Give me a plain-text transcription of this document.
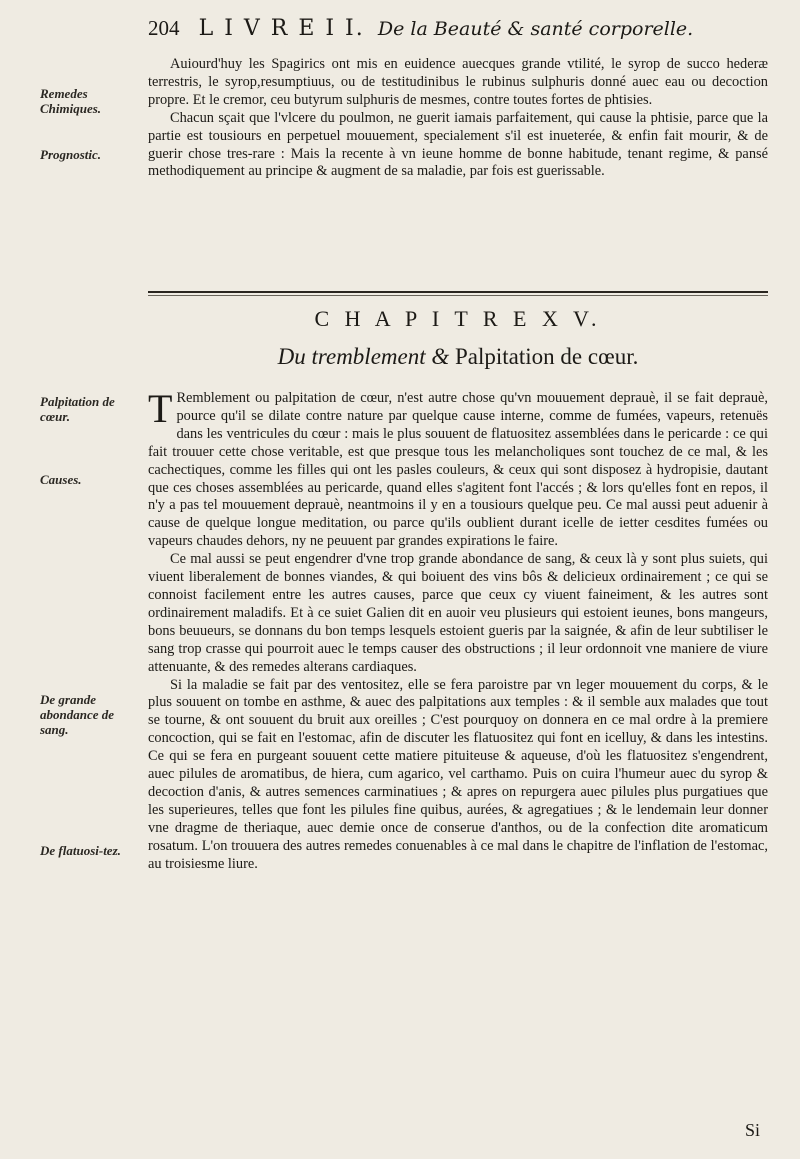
204 L I V R E I I. De la Beauté & santé corporelle.
Remedes Chimiques.
Prognostic.
Palpitation de cœur.
Causes.
De grande abondance de sang.
De flatuosi-tez.

Auiourd'huy les Spagirics ont mis en euidence auecques grande vtilité, le syrop de succo hederæ terrestris, le syrop,resumptiuus, ou de testitudinibus le rubinus sulphuris donné auec eau ou decoction propre. Et le cremor, ceu butyrum sulphuris de mesmes, contre toutes fortes de phtisies.

Chacun sçait que l'vlcere du poulmon, ne guerit iamais parfaitement, qui cause la phtisie, parce que la partie est tousiours en perpetuel mouuement, specialement s'il est inueterée, & enfin fait mourir, & de guerir chose tres-rare : Mais la recente à vn ieune homme de bonne habitude, tenant regime, & pansé methodiquement au principe & augment de sa maladie, par fois est guerissable.

C H A P I T R E X V.
Du tremblement & Palpitation de cœur.

T Remblement ou palpitation de cœur, n'est autre chose qu'vn mouuement deprauè, il se fait deprauè, pource qu'il se dilate contre nature par quelque cause interne, comme de fumées, vapeurs, retenuës dans les ventricules du cœur : mais le plus souuent de flatuositez assemblées dans le pericarde : ce qui fait trouuer cette chose veritable, est que presque tous les melancholiques sont touchez de ce mal, & les cachectiques, comme les filles qui ont les pasles couleurs, & ceux qui sont disposez à hydropisie, dautant que ces choses assemblées au pericarde, quand elles s'agitent font l'accés ; & lors qu'elles font en repos, il n'y a pas tel mouuement deprauè, neantmoins il y en a tousiours quelque peu. Ce mal aussi peut aduenir à cause de quelque longue meditation, ou parce qu'ils oublient durant icelle de ietter cesdites fumées ou vapeurs chaudes dehors, ny ne peuuent par grandes expirations le faire.

Ce mal aussi se peut engendrer d'vne trop grande abondance de sang, & ceux là y sont plus suiets, qui viuent liberalement de bonnes viandes, & qui boiuent des vins bôs & delicieux ordinairement ; ce qui se connoist facilement entre les autres causes, parce que ceux cy viuent faineiment, & les autres sont ordinairement maladifs. Et à ce suiet Galien dit en auoir veu plusieurs qui estoient ieunes, bons mangeurs, bons beuueurs, se donnans du bon temps lesquels estoient gueris par la saignée, & afin de leur subtiliser le sang trop crasse qui pourroit auec le temps causer des obstructions ; il leur ordonnoit vne maniere de viure attenuante, & des remedes alterans cardiaques.

Si la maladie se fait par des ventositez, elle se fera paroistre par vn leger mouuement du corps, & le plus souuent on tombe en asthme, & auec des palpitations aux temples : & il semble aux malades que tout se tourne, & ont souuent du bruit aux oreilles ; C'est pourquoy on donnera en ce mal ordre à la premiere concoction, qui se fait en l'estomac, afin de discuter les flatuositez qui font en icelluy, & dans les intestins. Ce qui se fera en purgeant souuent cette matiere pituiteuse & aqueuse, d'où les flatuositez s'engendrent, auec pilules de aromatibus, de hiera, cum agarico, vel carthamo. Puis on cuira l'humeur auec du syrop & decoction d'anis, & autres semences carminatiues ; & apres on repurgera auec pilules plus purgatiues que les superieures, telles que font les pilules fine quibus, aurées, & agregatiues ; & le lendemain leur donner vne dragme de theriaque, auec demie once de conserue d'anthos, ou de la confection dite aromaticum rosatum. L'on trouuera des autres remedes conuenables à ce mal dans le chapitre de l'inflation de l'estomac, au troisiesme liure.

Si
